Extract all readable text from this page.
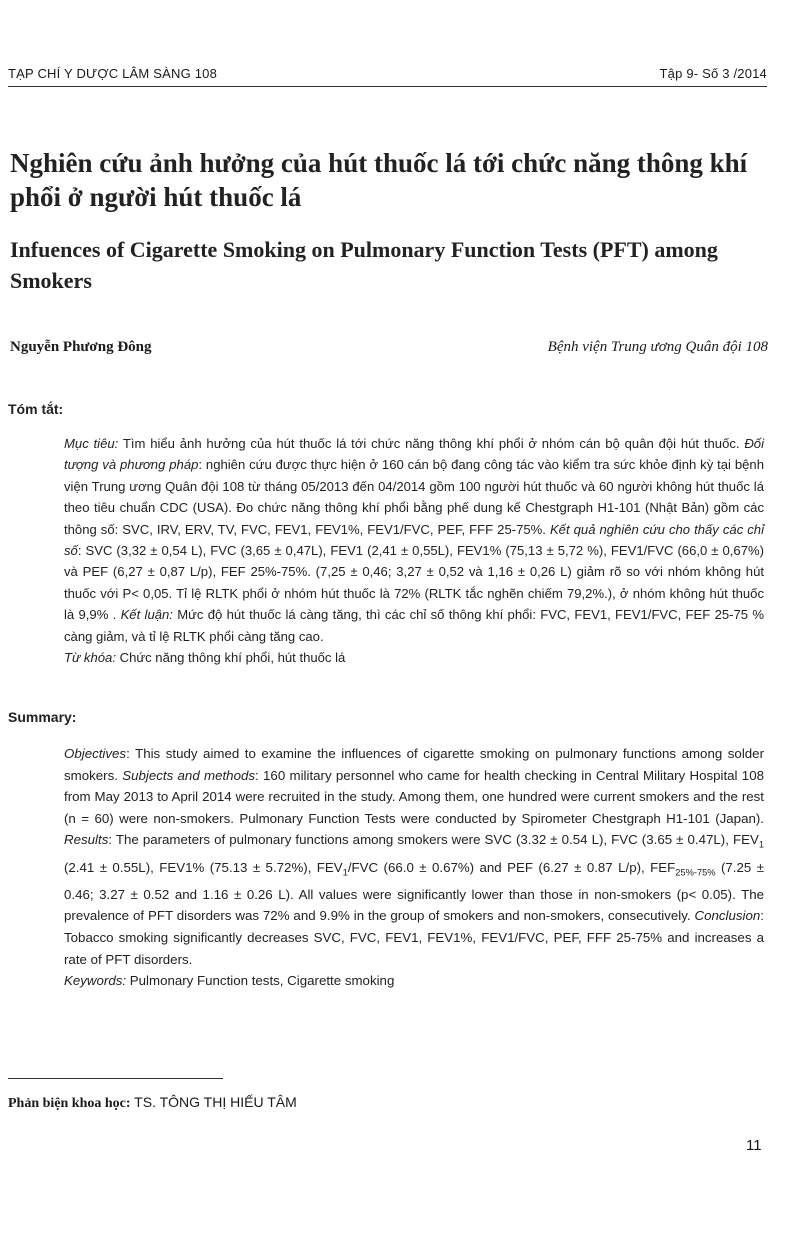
TẠP CHÍ Y DƯỢC LÂM SÀNG 108	Tập 9- Số 3 /2014
Nghiên cứu ảnh hưởng của hút thuốc lá tới chức năng thông khí phổi ở người hút thuốc lá
Infuences of Cigarette Smoking on Pulmonary Function Tests (PFT) among Smokers
Nguyễn Phương Đông	Bệnh viện Trung ương Quân đội 108
Tóm tắt:

Mục tiêu: Tìm hiểu ảnh hưởng của hút thuốc lá tới chức năng thông khí phổi ở nhóm cán bộ quân đội hút thuốc. Đối tượng và phương pháp: nghiên cứu được thực hiện ở 160 cán bộ đang công tác vào kiểm tra sức khỏe định kỳ tại bệnh viện Trung ương Quân đội 108 từ tháng 05/2013 đến 04/2014 gồm 100 người hút thuốc và 60 người không hút thuốc lá theo tiêu chuẩn CDC (USA). Đo chức năng thông khí phổi bằng phế dung kế Chestgraph H1-101 (Nhật Bản) gồm các thông số: SVC, IRV, ERV, TV, FVC, FEV1, FEV1%, FEV1/FVC, PEF, FFF 25-75%. Kết quả nghiên cứu cho thấy các chỉ số: SVC (3,32 ± 0,54 L), FVC (3,65 ± 0,47L), FEV1 (2,41 ± 0,55L), FEV1% (75,13 ± 5,72 %), FEV1/FVC (66,0 ± 0,67%) và PEF (6,27 ± 0,87 L/p), FEF 25%-75%. (7,25 ± 0,46; 3,27 ± 0,52 và 1,16 ± 0,26 L) giảm rõ so với nhóm không hút thuốc với P< 0,05. Tỉ lệ RLTK phổi ở nhóm hút thuốc là 72% (RLTK tắc nghẽn chiếm 79,2%.), ở nhóm không hút thuốc là 9,9% . Kết luận: Mức độ hút thuốc lá càng tăng, thì các chỉ số thông khí phổi: FVC, FEV1, FEV1/FVC, FEF 25-75 % càng giảm, và tỉ lệ RLTK phổi càng tăng cao.

Từ khóa: Chức năng thông khí phổi, hút thuốc lá

Summary:

Objectives: This study aimed to examine the influences of cigarette smoking on pulmonary functions among solder smokers. Subjects and methods: 160 military personnel who came for health checking in Central Military Hospital 108 from May 2013 to April 2014 were recruited in the study. Among them, one hundred were current smokers and the rest (n = 60) were non-smokers. Pulmonary Function Tests were conducted by Spirometer Chestgraph H1-101 (Japan). Results: The parameters of pulmonary functions among smokers were SVC (3.32 ± 0.54 L), FVC (3.65 ± 0.47L), $FEV_1$ (2.41 ± 0.55L), FEV1% (75.13 ± 5.72%), $FEV_1$/FVC (66.0 ± 0.67%) and PEF (6.27 ± 0.87 L/p), $FEF_{25\%-75\%}$ (7.25 ± 0.46; 3.27 ± 0.52 and 1.16 ± 0.26 L). All values were significantly lower than those in non-smokers (p< 0.05). The prevalence of PFT disorders was 72% and 9.9% in the group of smokers and non-smokers, consecutively. Conclusion: Tobacco smoking significantly decreases SVC, FVC, FEV1, FEV1%, FEV1/FVC, PEF, FFF 25-75% and increases a rate of PFT disorders.

Keywords: Pulmonary Function tests, Cigarette smoking

Phản biện khoa học: TS. TÔNG THỊ HIẾU TÂM
11
